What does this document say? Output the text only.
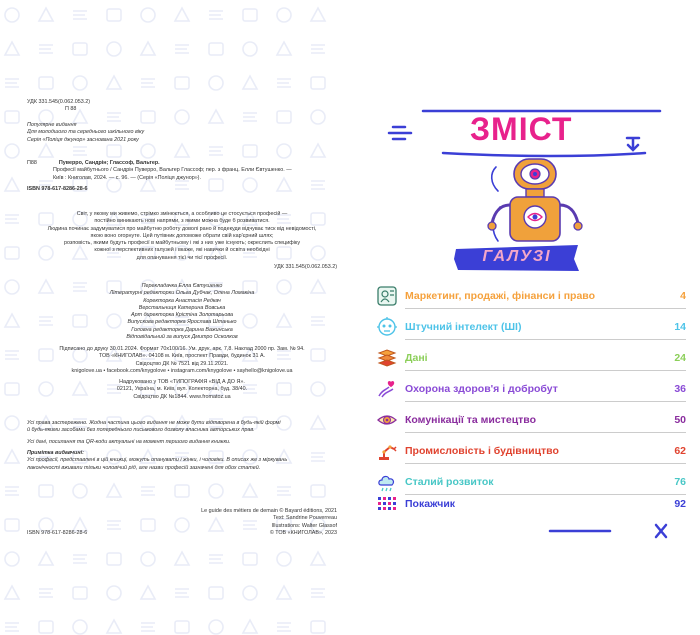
УДК 331.545(0.062.053.2)
П 88
Популярне видання
Для молодшого та середнього шкільного віку
Серія «Поліця джунор» заснована 2021 року
П88	Пуверро, Сандрін; Гласcоф, Вальтер.
Професії майбутнього / Сандрін Пуверро, Вальтер Гласcоф; пер. з франц. Елли Євтушенко. —
Київ : Книголав, 2024. — с. 96. — (Серія «Поліця джунор»).
ISBN 978-617-8286-28-6
Світ, у якому ми живемо, стрімко змінюється, а особливо це стосується професій —
постійно виникають нові напрями, з якими можна буде б розвиватися.
Людина починає задумуватися про майбутню роботу доволі рано й подекуди відчуває тиск від невідомості,
якою воно огорнуте. Цей путівник допоможе обрати свій кар'єрний шлях;
розповість, якими будуть професії в майбутньому і які з них уже існують; окреслить специфіку
кожної з перспективних галузей і вкаже, які навички й освіта необхідні
для опанування тієї чи тієї професії.
УДК 331.545(0.062.053.2)
Перекладачка Елла Євтушенко
Літературні редакторки Ольга Дубчак, Олена Ломакіна
Коректорка Анастасія Редкач
Верстальниця Катерина Вовська
Арт директорка Крістіна Золотарьова
Випускова редакторка Ярослава Штанько
Головна редакторка Дарина Важинська
Відповідальний за випуск Дмитро Осколков
Підписано до друку 30.01.2024. Формат 70x100/16. Ум. друк. арк. 7,8. Наклад 2000 пр. Зам. № 94.
ТОВ «КНИГОЛАВ». 04108 м. Київ, проспект Правди, будинок 31 А.
Свідоцтво ДК № 7521 від 29.11.2021.
knigolove.ua • facebook.com/knygolove • instagram.com/knygolove • sayhello@knigolove.ua
Надруковано у ТОВ «ТИПОГРАФІЯ «ВІД А ДО Я».
02121, Україна, м. Київ, вул. Колекторна, буд. 38/40.
Свідоцтво ДК №1844. www.fromatoz.ua
Усі права застережено. Жодна частина цього видання не може бути відтворена в будь-якій формі
й будь-якими засобами без попереднього письмового дозволу власника авторських прав.
Усі дані, посилання та QR-коди актуальні на момент першого видання книжки.
Примітка видавчині:
Усі професії, представлені в цій книжці, можуть опанувати і жінки, і чоловіки. В описах же з міркувань
лаконічності вживали тільки чоловічий рід, але назви професій зазначені для обох статей.
Le guide des métiers de demain © Bayard éditions, 2021
Text: Sandrine Pouverreau
Illustrations: Walter Glassof
© ТОВ «КНИГОЛАВ», 2023
ISBN 978-617-8286-28-6
ЗМІСТ
ГАЛУЗІ
Маркетинг, продажі, фінанси і право	4
Штучний інтелект (ШІ)	14
Дані	24
Охорона здоров'я і добробут	36
Комунікації та мистецтво	50
Промисловість і будівництво	62
Сталий розвиток	76
Покажчик	92
